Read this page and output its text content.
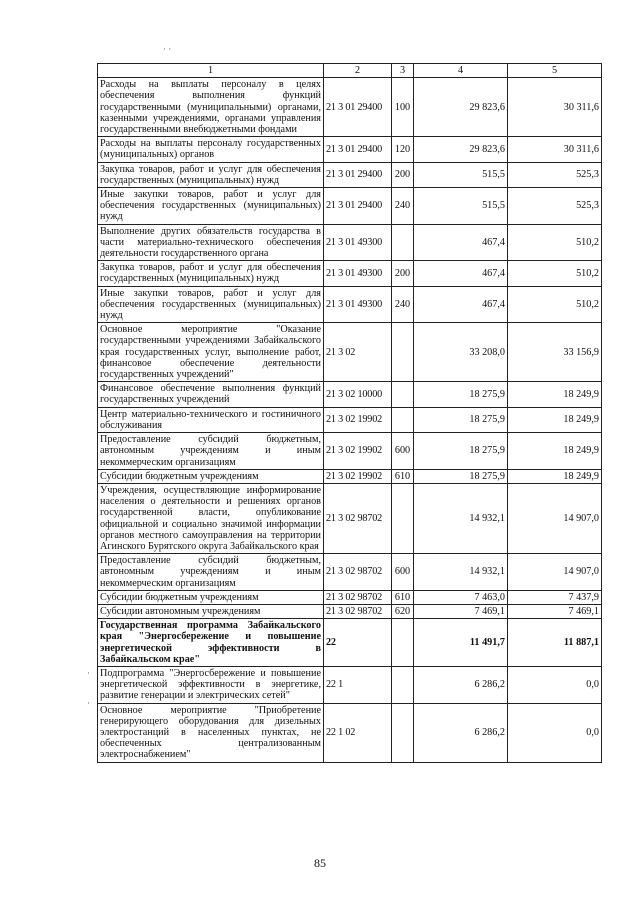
· ·
·
·
1	2	3	4	5
Расходы на выплаты персоналу в целях обеспечения выполнения функций государственными (муниципальными) органами, казенными учреждениями, органами управления государственными внебюджетными фондами	21 3 01 29400	100	29 823,6	30 311,6
Расходы на выплаты персоналу государственных (муниципальных) органов	21 3 01 29400	120	29 823,6	30 311,6
Закупка товаров, работ и услуг для обеспечения государственных (муниципальных) нужд	21 3 01 29400	200	515,5	525,3
Иные закупки товаров, работ и услуг для обеспечения государственных (муниципальных) нужд	21 3 01 29400	240	515,5	525,3
Выполнение других обязательств государства в части материально-технического обеспечения деятельности государственного органа	21 3 01 49300		467,4	510,2
Закупка товаров, работ и услуг для обеспечения государственных (муниципальных) нужд	21 3 01 49300	200	467,4	510,2
Иные закупки товаров, работ и услуг для обеспечения государственных (муниципальных) нужд	21 3 01 49300	240	467,4	510,2
Основное мероприятие "Оказание государственными учреждениями Забайкальского края государственных услуг, выполнение работ, финансовое обеспечение деятельности государственных учреждений"	21 3 02		33 208,0	33 156,9
Финансовое обеспечение выполнения функций государственных учреждений	21 3 02 10000		18 275,9	18 249,9
Центр материально-технического и гостиничного обслуживания	21 3 02 19902		18 275,9	18 249,9
Предоставление субсидий бюджетным, автономным учреждениям и иным некоммерческим организациям	21 3 02 19902	600	18 275,9	18 249,9
Субсидии бюджетным учреждениям	21 3 02 19902	610	18 275,9	18 249,9
Учреждения, осуществляющие информирование населения о деятельности и решениях органов государственной власти, опубликование официальной и социально значимой информации органов местного самоуправления на территории Агинского Бурятского округа Забайкальского края	21 3 02 98702		14 932,1	14 907,0
Предоставление субсидий бюджетным, автономным учреждениям и иным некоммерческим организациям	21 3 02 98702	600	14 932,1	14 907,0
Субсидии бюджетным учреждениям	21 3 02 98702	610	7 463,0	7 437,9
Субсидии автономным учреждениям	21 3 02 98702	620	7 469,1	7 469,1
Государственная программа Забайкальского края "Энергосбережение и повышение энергетической эффективности в Забайкальском крае"	22		11 491,7	11 887,1
Подпрограмма "Энергосбережение и повышение энергетической эффективности в энергетике, развитие генерации и электрических сетей"	22 1		6 286,2	0,0
Основное мероприятие "Приобретение генерирующего оборудования для дизельных электростанций в населенных пунктах, не обеспеченных централизованным электроснабжением"	22 1 02		6 286,2	0,0
85
